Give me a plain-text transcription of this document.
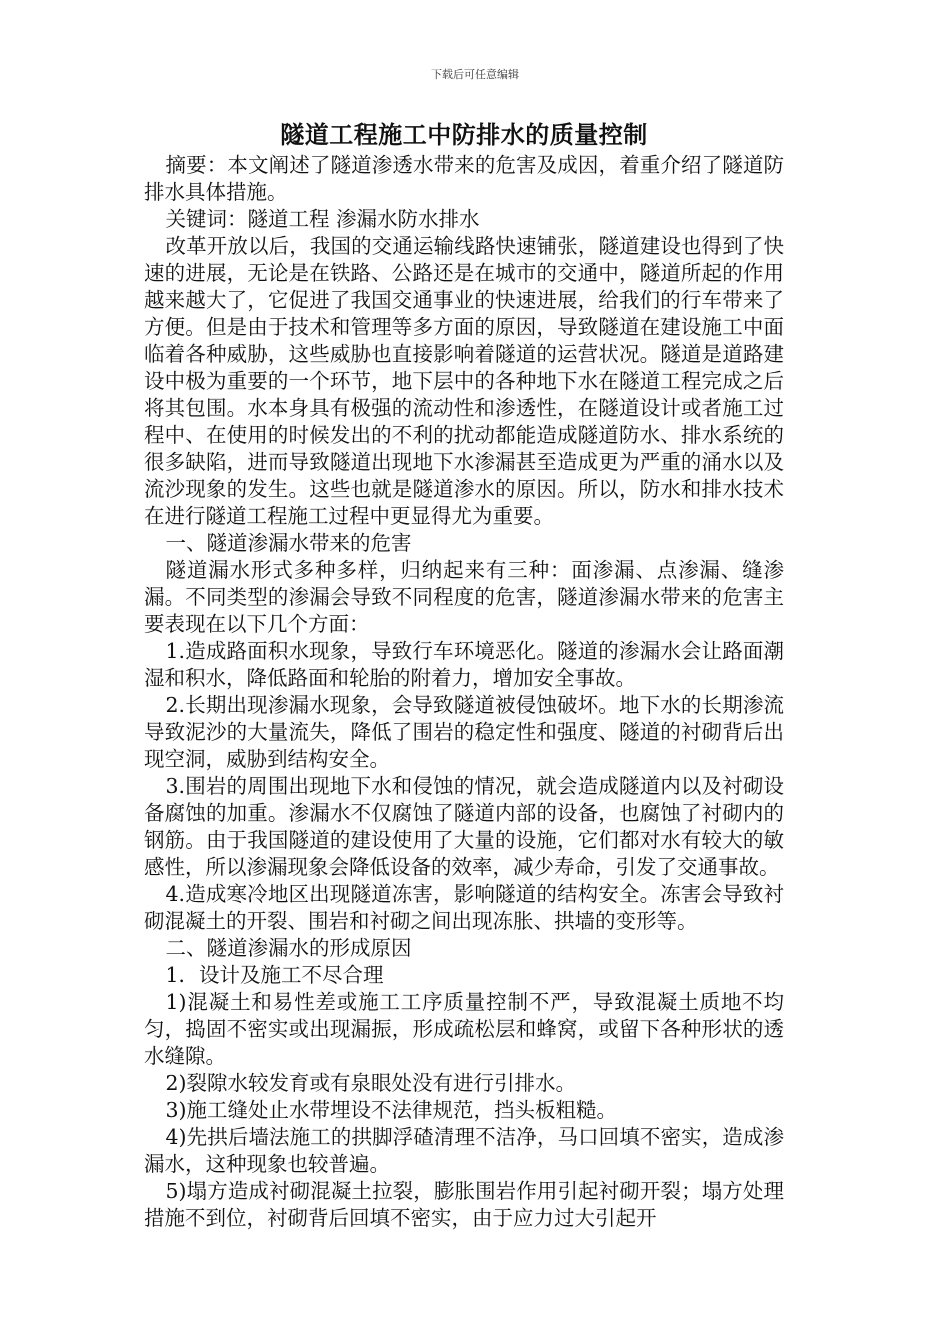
下载后可任意编辑
隧道工程施工中防排水的质量控制

摘要：本文阐述了隧道渗透水带来的危害及成因，着重介绍了隧道防排水具体措施。

关键词：隧道工程 渗漏水防水排水

改革开放以后，我国的交通运输线路快速铺张，隧道建设也得到了快速的进展，无论是在铁路、公路还是在城市的交通中，隧道所起的作用越来越大了，它促进了我国交通事业的快速进展，给我们的行车带来了方便。但是由于技术和管理等多方面的原因，导致隧道在建设施工中面临着各种威胁，这些威胁也直接影响着隧道的运营状况。隧道是道路建设中极为重要的一个环节，地下层中的各种地下水在隧道工程完成之后将其包围。水本身具有极强的流动性和渗透性，在隧道设计或者施工过程中、在使用的时候发出的不利的扰动都能造成隧道防水、排水系统的很多缺陷，进而导致隧道出现地下水渗漏甚至造成更为严重的涌水以及流沙现象的发生。这些也就是隧道渗水的原因。所以，防水和排水技术在进行隧道工程施工过程中更显得尤为重要。

一、隧道渗漏水带来的危害

隧道漏水形式多种多样，归纳起来有三种：面渗漏、点渗漏、缝渗漏。不同类型的渗漏会导致不同程度的危害，隧道渗漏水带来的危害主要表现在以下几个方面：

1.造成路面积水现象，导致行车环境恶化。隧道的渗漏水会让路面潮湿和积水，降低路面和轮胎的附着力，增加安全事故。

2.长期出现渗漏水现象，会导致隧道被侵蚀破坏。地下水的长期渗流导致泥沙的大量流失，降低了围岩的稳定性和强度、隧道的衬砌背后出现空洞，威胁到结构安全。

3.围岩的周围出现地下水和侵蚀的情况，就会造成隧道内以及衬砌设备腐蚀的加重。渗漏水不仅腐蚀了隧道内部的设备，也腐蚀了衬砌内的钢筋。由于我国隧道的建设使用了大量的设施，它们都对水有较大的敏感性，所以渗漏现象会降低设备的效率，减少寿命，引发了交通事故。

4.造成寒冷地区出现隧道冻害，影响隧道的结构安全。冻害会导致衬砌混凝土的开裂、围岩和衬砌之间出现冻胀、拱墙的变形等。

二、隧道渗漏水的形成原因

1．设计及施工不尽合理

1)混凝土和易性差或施工工序质量控制不严，导致混凝土质地不均匀，捣固不密实或出现漏振，形成疏松层和蜂窝，或留下各种形状的透水缝隙。

2)裂隙水较发育或有泉眼处没有进行引排水。

3)施工缝处止水带埋设不法律规范，挡头板粗糙。

4)先拱后墙法施工的拱脚浮碴清理不洁净，马口回填不密实，造成渗漏水，这种现象也较普遍。

5)塌方造成衬砌混凝土拉裂，膨胀围岩作用引起衬砌开裂；塌方处理措施不到位，衬砌背后回填不密实，由于应力过大引起开
